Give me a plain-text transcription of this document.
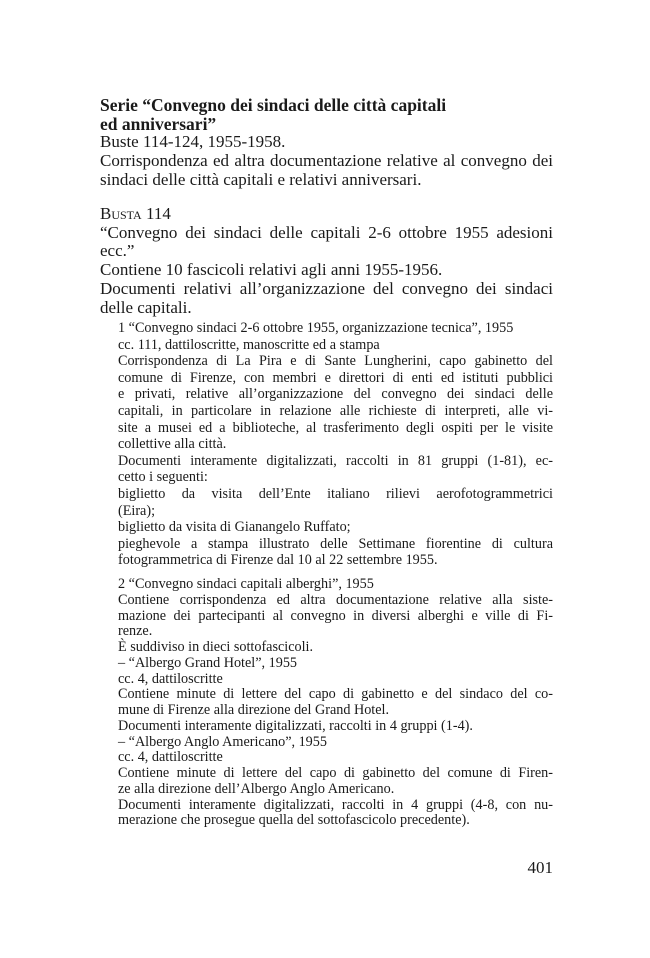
Serie “Convegno dei sindaci delle città capitali
ed anniversari”
Buste 114-124, 1955-1958.
Corrispondenza ed altra documentazione relative al convegno dei
sindaci delle città capitali e relativi anniversari.
Busta 114
“Convegno dei sindaci delle capitali 2-6 ottobre 1955 adesioni
ecc.”
Contiene 10 fascicoli relativi agli anni 1955-1956.
Documenti relativi all’organizzazione del convegno dei sindaci
delle capitali.
1 “Convegno sindaci 2-6 ottobre 1955, organizzazione tecnica”, 1955
cc. 111, dattiloscritte, manoscritte ed a stampa
Corrispondenza di La Pira e di Sante Lungherini, capo gabinetto del
comune di Firenze, con membri e direttori di enti ed istituti pubblici
e privati, relative all’organizzazione del convegno dei sindaci delle
capitali, in particolare in relazione alle richieste di interpreti, alle vi-
site a musei ed a biblioteche, al trasferimento degli ospiti per le visite
collettive alla città.
Documenti interamente digitalizzati, raccolti in 81 gruppi (1-81), ec-
cetto i seguenti:
biglietto da visita dell’Ente italiano rilievi aerofotogrammetrici
(Eira);
biglietto da visita di Gianangelo Ruffato;
pieghevole a stampa illustrato delle Settimane fiorentine di cultura
fotogrammetrica di Firenze dal 10 al 22 settembre 1955.
2 “Convegno sindaci capitali alberghi”, 1955
Contiene corrispondenza ed altra documentazione relative alla siste-
mazione dei partecipanti al convegno in diversi alberghi e ville di Fi-
renze.
È suddiviso in dieci sottofascicoli.
– “Albergo Grand Hotel”, 1955
cc. 4, dattiloscritte
Contiene minute di lettere del capo di gabinetto e del sindaco del co-
mune di Firenze alla direzione del Grand Hotel.
Documenti interamente digitalizzati, raccolti in 4 gruppi (1-4).
– “Albergo Anglo Americano”, 1955
cc. 4, dattiloscritte
Contiene minute di lettere del capo di gabinetto del comune di Firen-
ze alla direzione dell’Albergo Anglo Americano.
Documenti interamente digitalizzati, raccolti in 4 gruppi (4-8, con nu-
merazione che prosegue quella del sottofascicolo precedente).
401
